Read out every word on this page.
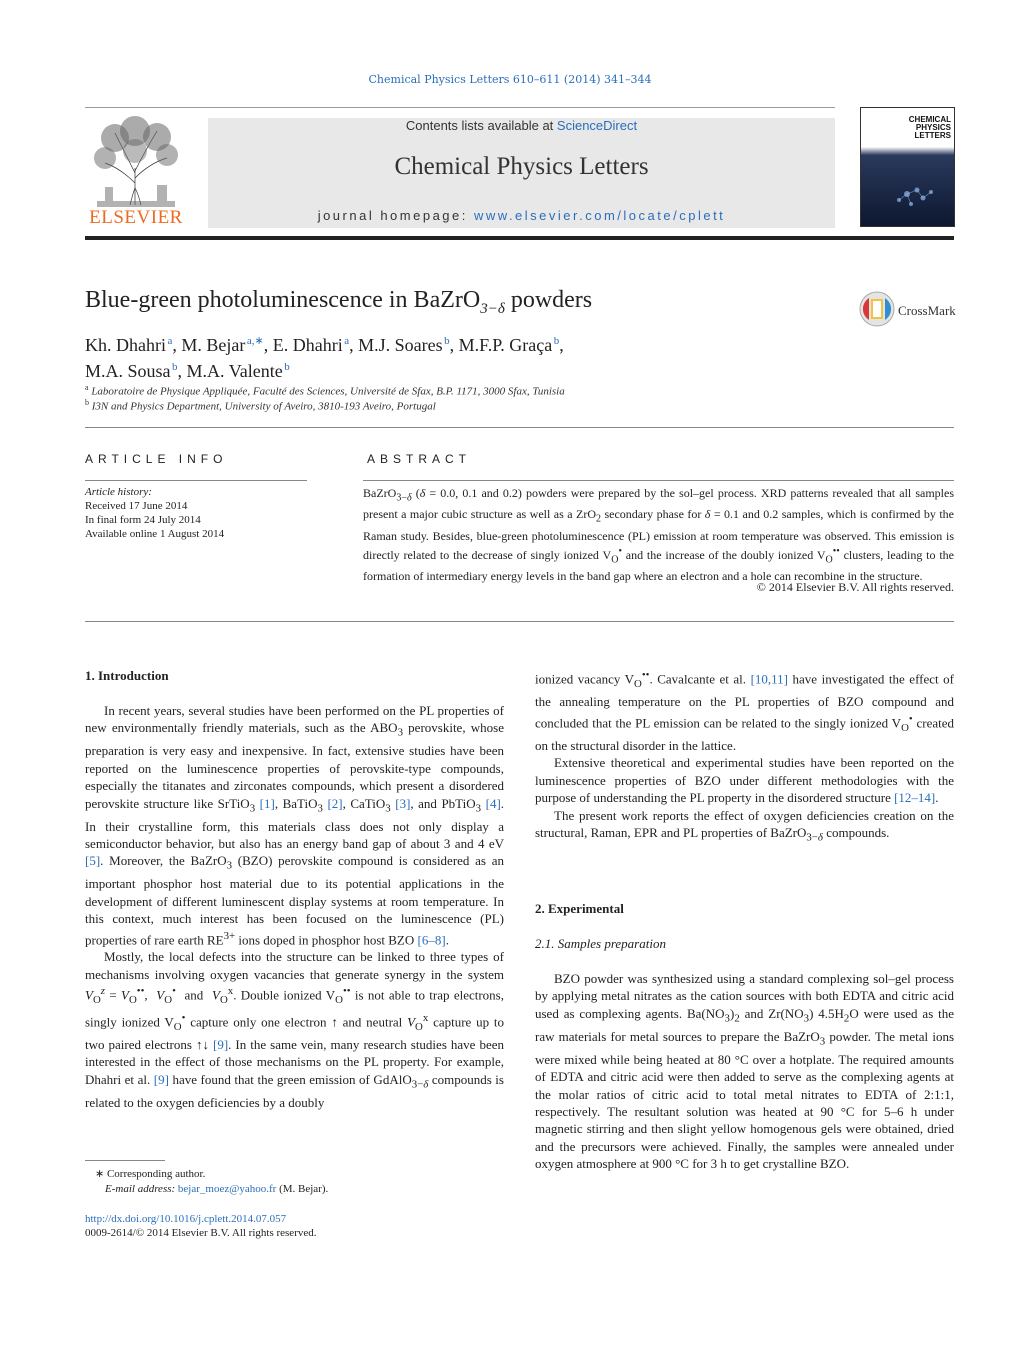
Chemical Physics Letters 610–611 (2014) 341–344
ELSEVIER
Contents lists available at ScienceDirect
Chemical Physics Letters
journal homepage: www.elsevier.com/locate/cplett
CHEMICAL PHYSICS LETTERS
Blue-green photoluminescence in BaZrO$_{3-\delta}$ powders	CrossMark
Kh. Dhahri  $^a$, M. Bejar  $^{a,∗}$, E. Dhahri  $^a$, M.J. Soares  $^b$, M.F.P. Graça  $^b$,
M.A. Sousa  $^b$, M.A. Valente  $^b$
$^a$ Laboratoire de Physique Appliquée, Faculté des Sciences, Université de Sfax, B.P. 1171, 3000 Sfax, Tunisia
$^b$ I3N and Physics Department, University of Aveiro, 3810-193 Aveiro, Portugal
ARTICLE INFO
Article history:
Received 17 June 2014
In final form 24 July 2014
Available online 1 August 2014
ABSTRACT
BaZrO$_{3-\delta}$ (δ = 0.0, 0.1 and 0.2) powders were prepared by the sol–gel process. XRD patterns revealed that all samples present a major cubic structure as well as a ZrO$_2$ secondary phase for δ = 0.1 and 0.2 samples, which is confirmed by the Raman study. Besides, blue-green photoluminescence (PL) emission at room temperature was observed. This emission is directly related to the decrease of singly ionized $V_O^•$ and the increase of the doubly ionized $V_O^{••}$ clusters, leading to the formation of intermediary energy levels in the band gap where an electron and a hole can recombine in the structure.
© 2014 Elsevier B.V. All rights reserved.
1. Introduction

In recent years, several studies have been performed on the PL properties of new environmentally friendly materials, such as the $ABO_3$ perovskite, whose preparation is very easy and inexpensive. In fact, extensive studies have been reported on the luminescence properties of perovskite-type compounds, especially the titanates and zirconates compounds, which present a disordered perovskite structure like SrTiO$_3$ [1], BaTiO$_3$ [2], CaTiO$_3$ [3], and PbTiO$_3$ [4]. In their crystalline form, this materials class does not only display a semiconductor behavior, but also has an energy band gap of about 3 and 4 eV [5]. Moreover, the BaZrO$_3$ (BZO) perovskite compound is considered as an important phosphor host material due to its potential applications in the development of different luminescent display systems at room temperature. In this context, much interest has been focused on the luminescence (PL) properties of rare earth $RE^{3+}$ ions doped in phosphor host BZO [6–8].

Mostly, the local defects into the structure can be linked to three types of mechanisms involving oxygen vacancies that generate synergy in the system $V_O^z = V_O^{••}$,  $V_O^•$  and  $V_O^x$. Double ionized $V_O^{••}$ is not able to trap electrons, singly ionized $V_O^•$ capture only one electron ↑ and neutral $V_O^x$ capture up to two paired electrons ↑↓ [9]. In the same vein, many research studies have been interested in the effect of those mechanisms on the PL property. For example, Dhahri et al. [9] have found that the green emission of GdAlO$_{3-\delta}$ compounds is related to the oxygen deficiencies by a doubly

ionized vacancy $V_O^{••}$. Cavalcante et al. [10,11] have investigated the effect of the annealing temperature on the PL properties of BZO compound and concluded that the PL emission can be related to the singly ionized $V_O^•$ created on the structural disorder in the lattice.

Extensive theoretical and experimental studies have been reported on the luminescence properties of BZO under different methodologies with the purpose of understanding the PL property in the disordered structure [12–14].

The present work reports the effect of oxygen deficiencies creation on the structural, Raman, EPR and PL properties of BaZrO$_{3-\delta}$ compounds.

2. Experimental
2.1. Samples preparation

BZO powder was synthesized using a standard complexing sol–gel process by applying metal nitrates as the cation sources with both EDTA and citric acid used as complexing agents. $Ba(NO_3)_2$ and $Zr(NO_3)$ $4.5H_2O$ were used as the raw materials for metal sources to prepare the BaZrO$_3$ powder. The metal ions were mixed while being heated at 80 °C over a hotplate. The required amounts of EDTA and citric acid were then added to serve as the complexing agents at the molar ratios of citric acid to total metal nitrates to EDTA of 2:1:1, respectively. The resultant solution was heated at 90 °C for 5–6 h under magnetic stirring and then slight yellow homogenous gels were obtained, dried and the precursors were achieved. Finally, the samples were annealed under oxygen atmosphere at 900 °C for 3 h to get crystalline BZO.

∗ Corresponding author.
E-mail address: bejar_moez@yahoo.fr (M. Bejar).
http://dx.doi.org/10.1016/j.cplett.2014.07.057
0009-2614/© 2014 Elsevier B.V. All rights reserved.
